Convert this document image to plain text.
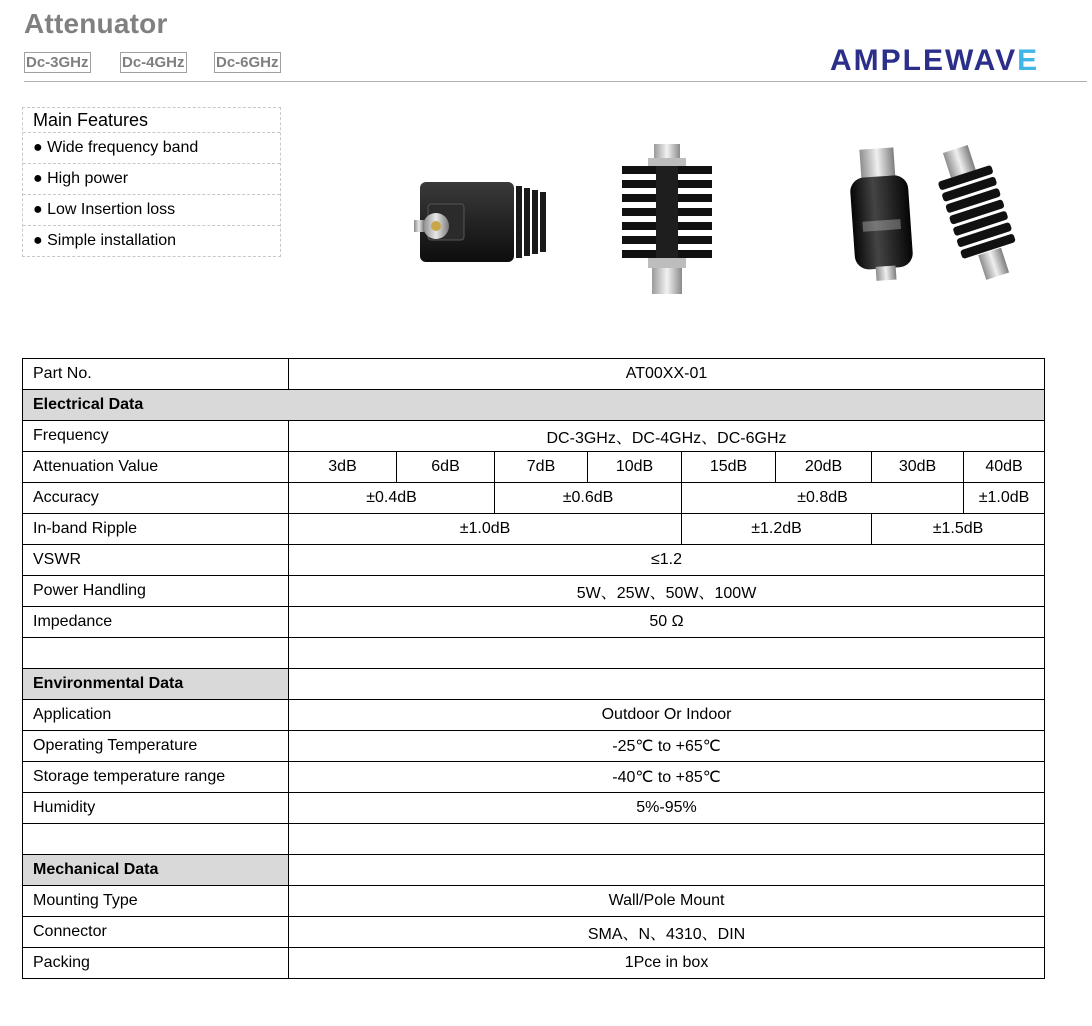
Attenuator
Dc-3GHz Dc-4GHz Dc-6GHz	AMPLEWAVE
Main Features
● Wide frequency band
● High power
● Low Insertion loss
● Simple installation
Part No.	AT00XX-01							
Electrical Data								
Frequency	DC-3GHz、DC-4GHz、DC-6GHz							
Attenuation Value	3dB	6dB	7dB	10dB	15dB	20dB	30dB	40dB
Accuracy	±0.4dB		±0.6dB		±0.8dB			±1.0dB
In-band Ripple	±1.0dB				±1.2dB		±1.5dB	
VSWR	≤1.2							
Power Handling	5W、25W、50W、100W							
Impedance	50 Ω							

Environmental Data								
Application	Outdoor Or Indoor							
Operating Temperature	-25℃ to +65℃							
Storage temperature range	-40℃ to +85℃							
Humidity	5%-95%							

Mechanical Data								
Mounting Type	Wall/Pole Mount							
Connector	SMA、N、4310、DIN							
Packing	1Pce in box							
